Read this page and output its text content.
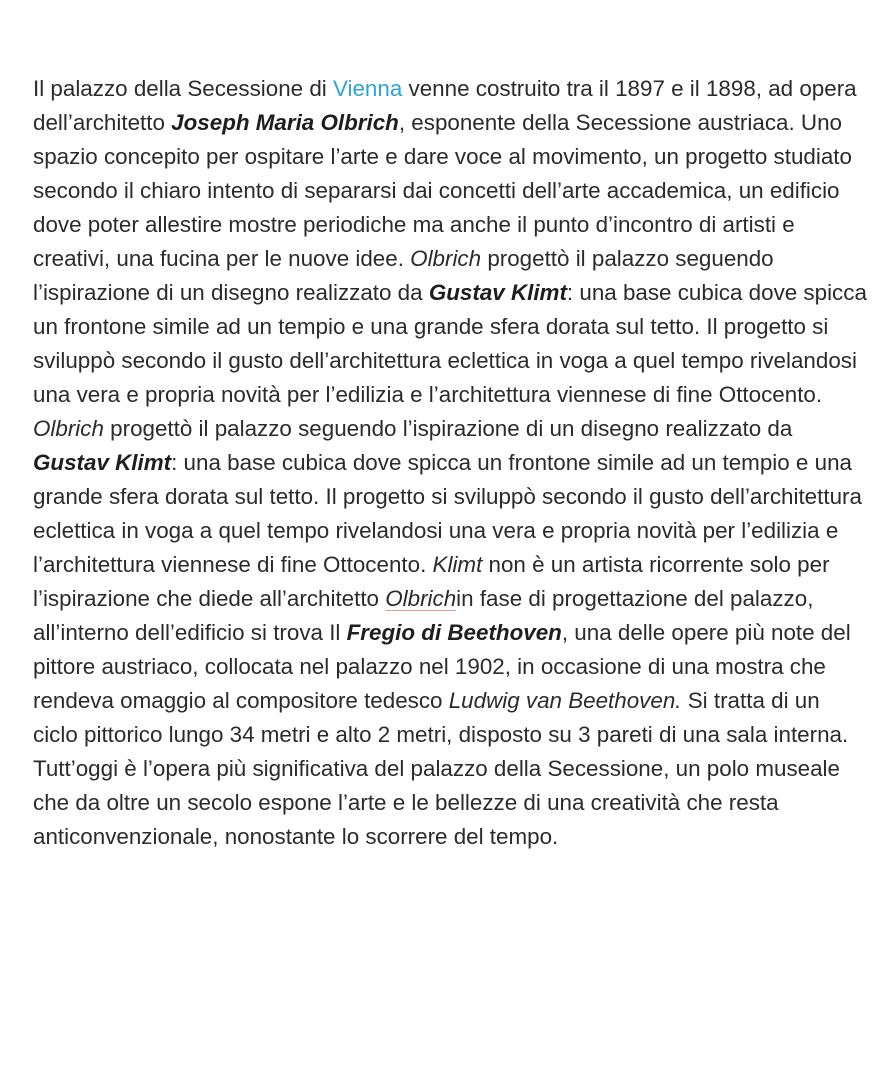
Il palazzo della Secessione di Vienna venne costruito tra il 1897 e il 1898, ad opera dell’architetto Joseph Maria Olbrich, esponente della Secessione austriaca. Uno spazio concepito per ospitare l’arte e dare voce al movimento, un progetto studiato secondo il chiaro intento di separarsi dai concetti dell’arte accademica, un edificio dove poter allestire mostre periodiche ma anche il punto d’incontro di artisti e creativi, una fucina per le nuove idee. Olbrich progettò il palazzo seguendo l’ispirazione di un disegno realizzato da Gustav Klimt: una base cubica dove spicca un frontone simile ad un tempio e una grande sfera dorata sul tetto. Il progetto si sviluppò secondo il gusto dell’architettura eclettica in voga a quel tempo rivelandosi una vera e propria novità per l’edilizia e l’architettura viennese di fine Ottocento. Olbrich progettò il palazzo seguendo l’ispirazione di un disegno realizzato da Gustav Klimt: una base cubica dove spicca un frontone simile ad un tempio e una grande sfera dorata sul tetto. Il progetto si sviluppò secondo il gusto dell’architettura eclettica in voga a quel tempo rivelandosi una vera e propria novità per l’edilizia e l’architettura viennese di fine Ottocento. Klimt non è un artista ricorrente solo per l’ispirazione che diede all’architetto Olbrichin fase di progettazione del palazzo, all’interno dell’edificio si trova Il Fregio di Beethoven, una delle opere più note del pittore austriaco, collocata nel palazzo nel 1902, in occasione di una mostra che rendeva omaggio al compositore tedesco Ludwig van Beethoven. Si tratta di un ciclo pittorico lungo 34 metri e alto 2 metri, disposto su 3 pareti di una sala interna. Tutt’oggi è l’opera più significativa del palazzo della Secessione, un polo museale che da oltre un secolo espone l’arte e le bellezze di una creatività che resta anticonvenzionale, nonostante lo scorrere del tempo.
